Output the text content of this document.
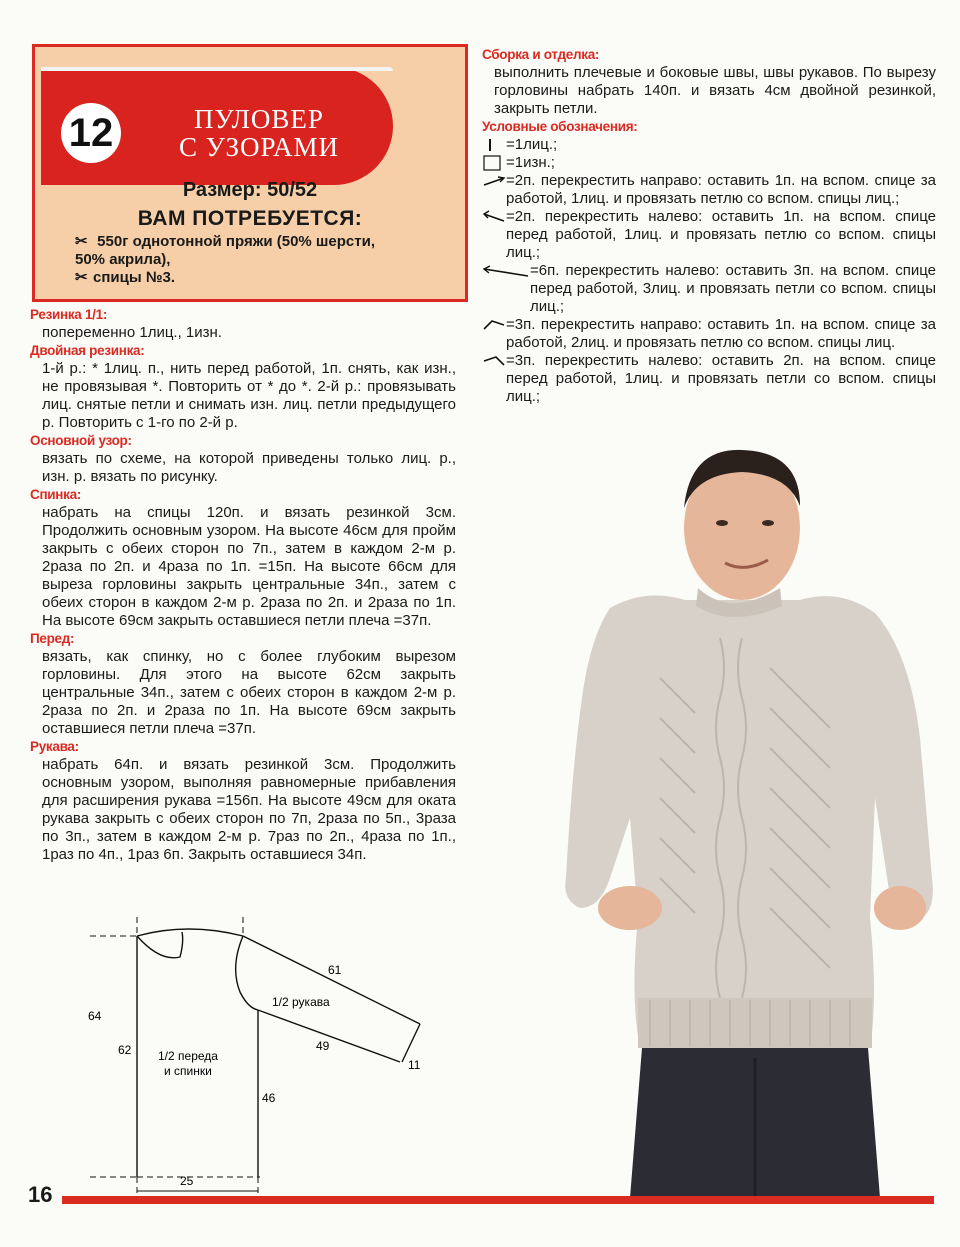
12	ПУЛОВЕР
С УЗОРАМИ
Размер: 50/52
ВАМ ПОТРЕБУЕТСЯ:
✂ 550г однотонной пряжи (50% шерсти,
50% акрила),
✂ спицы №3.
Резинка 1/1:
попеременно 1лиц., 1изн.
Двойная резинка:
1-й р.: * 1лиц. п., нить перед работой, 1п. снять, как изн., не провязывая *. Повторить от * до *. 2-й р.: провязывать лиц. снятые петли и снимать изн. лиц. петли предыдущего р. Повторить с 1-го по 2-й р.
Основной узор:
вязать по схеме, на которой приведены только лиц. р., изн. р. вязать по рисунку.
Спинка:
набрать на спицы 120п. и вязать резинкой 3см. Продолжить основным узором. На высоте 46см для пройм закрыть с обеих сторон по 7п., затем в каждом 2-м р. 2раза по 2п. и 4раза по 1п. =15п. На высоте 66см для выреза горловины закрыть центральные 34п., затем с обеих сторон в каждом 2-м р. 2раза по 2п. и 2раза по 1п. На высоте 69см закрыть оставшиеся петли плеча =37п.
Перед:
вязать, как спинку, но с более глубоким вырезом горловины. Для этого на высоте 62см закрыть центральные 34п., затем с обеих сторон в каждом 2-м р. 2раза по 2п. и 2раза по 1п. На высоте 69см закрыть оставшиеся петли плеча =37п.
Рукава:
набрать 64п. и вязать резинкой 3см. Продолжить основным узором, выполняя равномерные прибавления для расширения рукава =156п. На высоте 49см для оката рукава закрыть с обеих сторон по 7п, 2раза по 5п., 3раза по 3п., затем в каждом 2-м р. 7раз по 2п., 4раза по 1п., 1раз по 4п., 1раз 6п. Закрыть оставшиеся 34п.
Сборка и отделка:
выполнить плечевые и боковые швы, швы рукавов. По вырезу горловины набрать 140п. и вязать 4см двойной резинкой, закрыть петли.
Условные обозначения:
=1лиц.;
=1изн.;
=2п. перекрестить направо: оставить 1п. на вспом. спице за работой, 1лиц. и провязать петлю со вспом. спицы лиц.;
=2п. перекрестить налево: оставить 1п. на вспом. спице перед работой, 1лиц. и провязать петлю со вспом. спицы лиц.;
=6п. перекрестить налево: оставить 3п. на вспом. спице перед работой, 3лиц. и провязать петли со вспом. спицы лиц.;
=3п. перекрестить направо: оставить 1п. на вспом. спице за работой, 2лиц. и провязать петлю со вспом. спицы лиц.
=3п. перекрестить налево: оставить 2п. на вспом. спице перед работой, 1лиц. и провязать петли со вспом. спицы лиц.;
64
62
46
25
61
49
11
1/2 переда
и спинки
1/2 рукава
16
